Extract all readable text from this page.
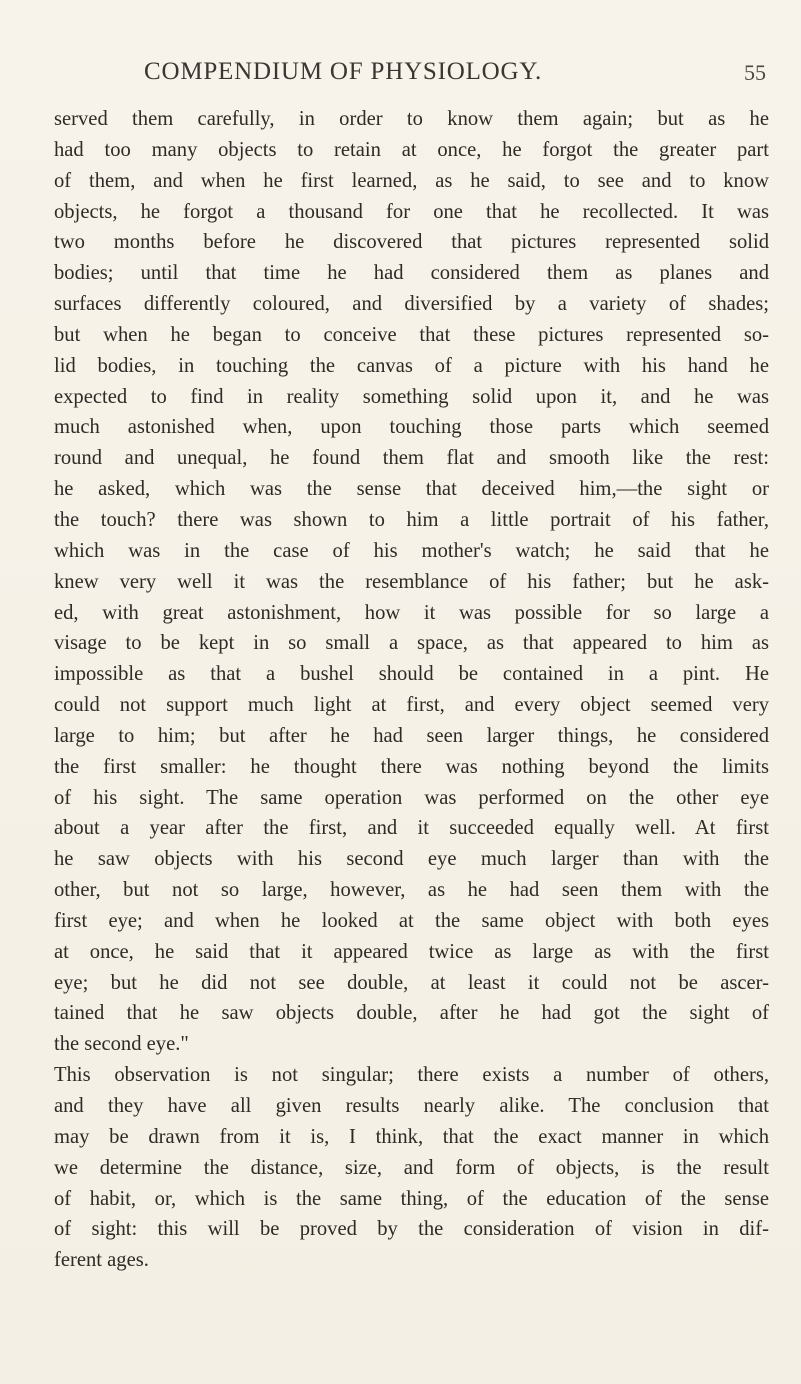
COMPENDIUM OF PHYSIOLOGY.	55
served them carefully, in order to know them again; but as he
had too many objects to retain at once, he forgot the greater part
of them, and when he first learned, as he said, to see and to know
objects, he forgot a thousand for one that he recollected. It was
two months before he discovered that pictures represented solid
bodies; until that time he had considered them as planes and
surfaces differently coloured, and diversified by a variety of shades;
but when he began to conceive that these pictures represented so-
lid bodies, in touching the canvas of a picture with his hand he
expected to find in reality something solid upon it, and he was
much astonished when, upon touching those parts which seemed
round and unequal, he found them flat and smooth like the rest:
he asked, which was the sense that deceived him,—the sight or
the touch? there was shown to him a little portrait of his father,
which was in the case of his mother's watch; he said that he
knew very well it was the resemblance of his father; but he ask-
ed, with great astonishment, how it was possible for so large a
visage to be kept in so small a space, as that appeared to him as
impossible as that a bushel should be contained in a pint. He
could not support much light at first, and every object seemed very
large to him; but after he had seen larger things, he considered
the first smaller: he thought there was nothing beyond the limits
of his sight. The same operation was performed on the other eye
about a year after the first, and it succeeded equally well. At first
he saw objects with his second eye much larger than with the
other, but not so large, however, as he had seen them with the
first eye; and when he looked at the same object with both eyes
at once, he said that it appeared twice as large as with the first
eye; but he did not see double, at least it could not be ascer-
tained that he saw objects double, after he had got the sight of
the second eye."
This observation is not singular; there exists a number of others,
and they have all given results nearly alike. The conclusion that
may be drawn from it is, I think, that the exact manner in which
we determine the distance, size, and form of objects, is the result
of habit, or, which is the same thing, of the education of the sense
of sight: this will be proved by the consideration of vision in dif-
ferent ages.
